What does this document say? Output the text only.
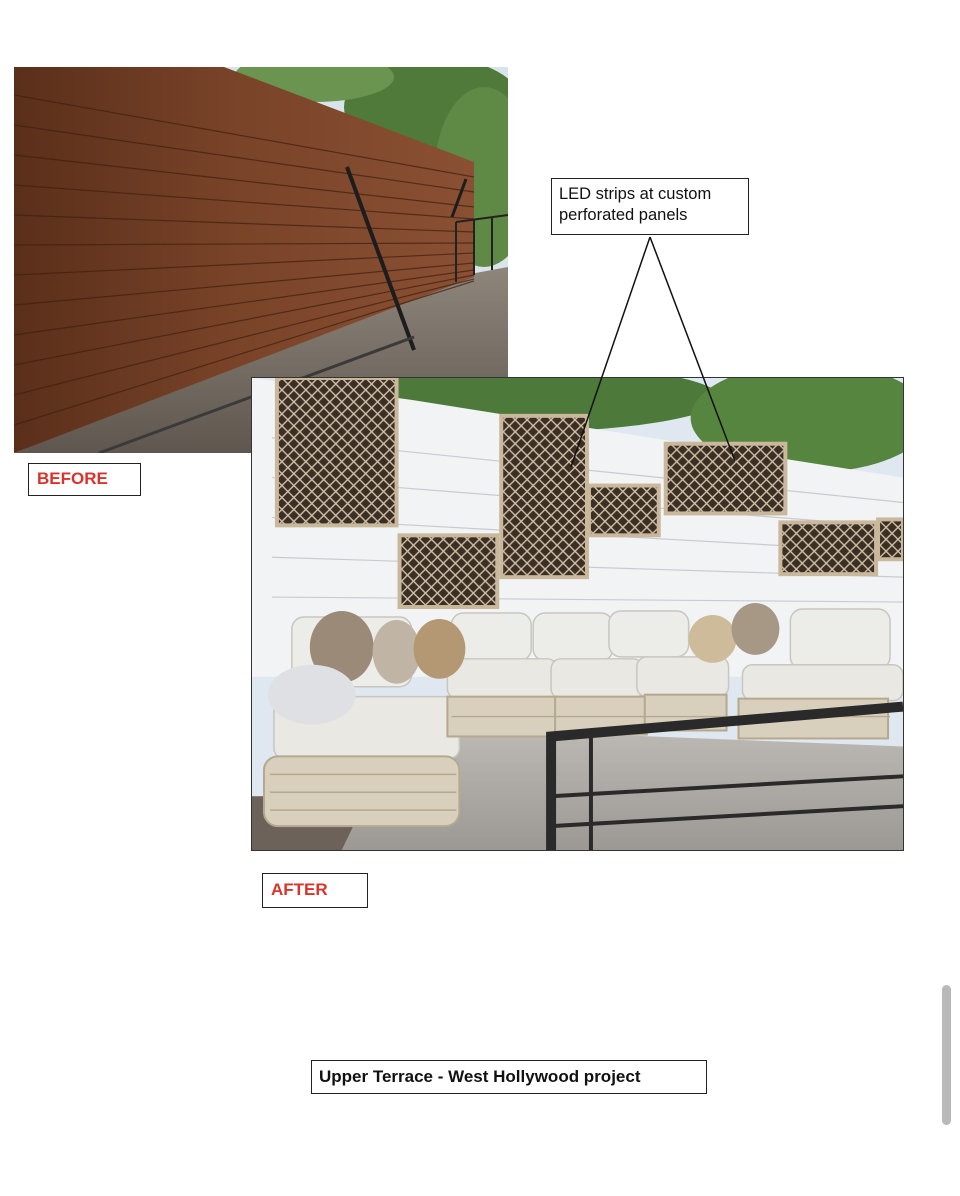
BEFORE
AFTER
LED strips at custom
perforated panels
Upper Terrace - West Hollywood project
